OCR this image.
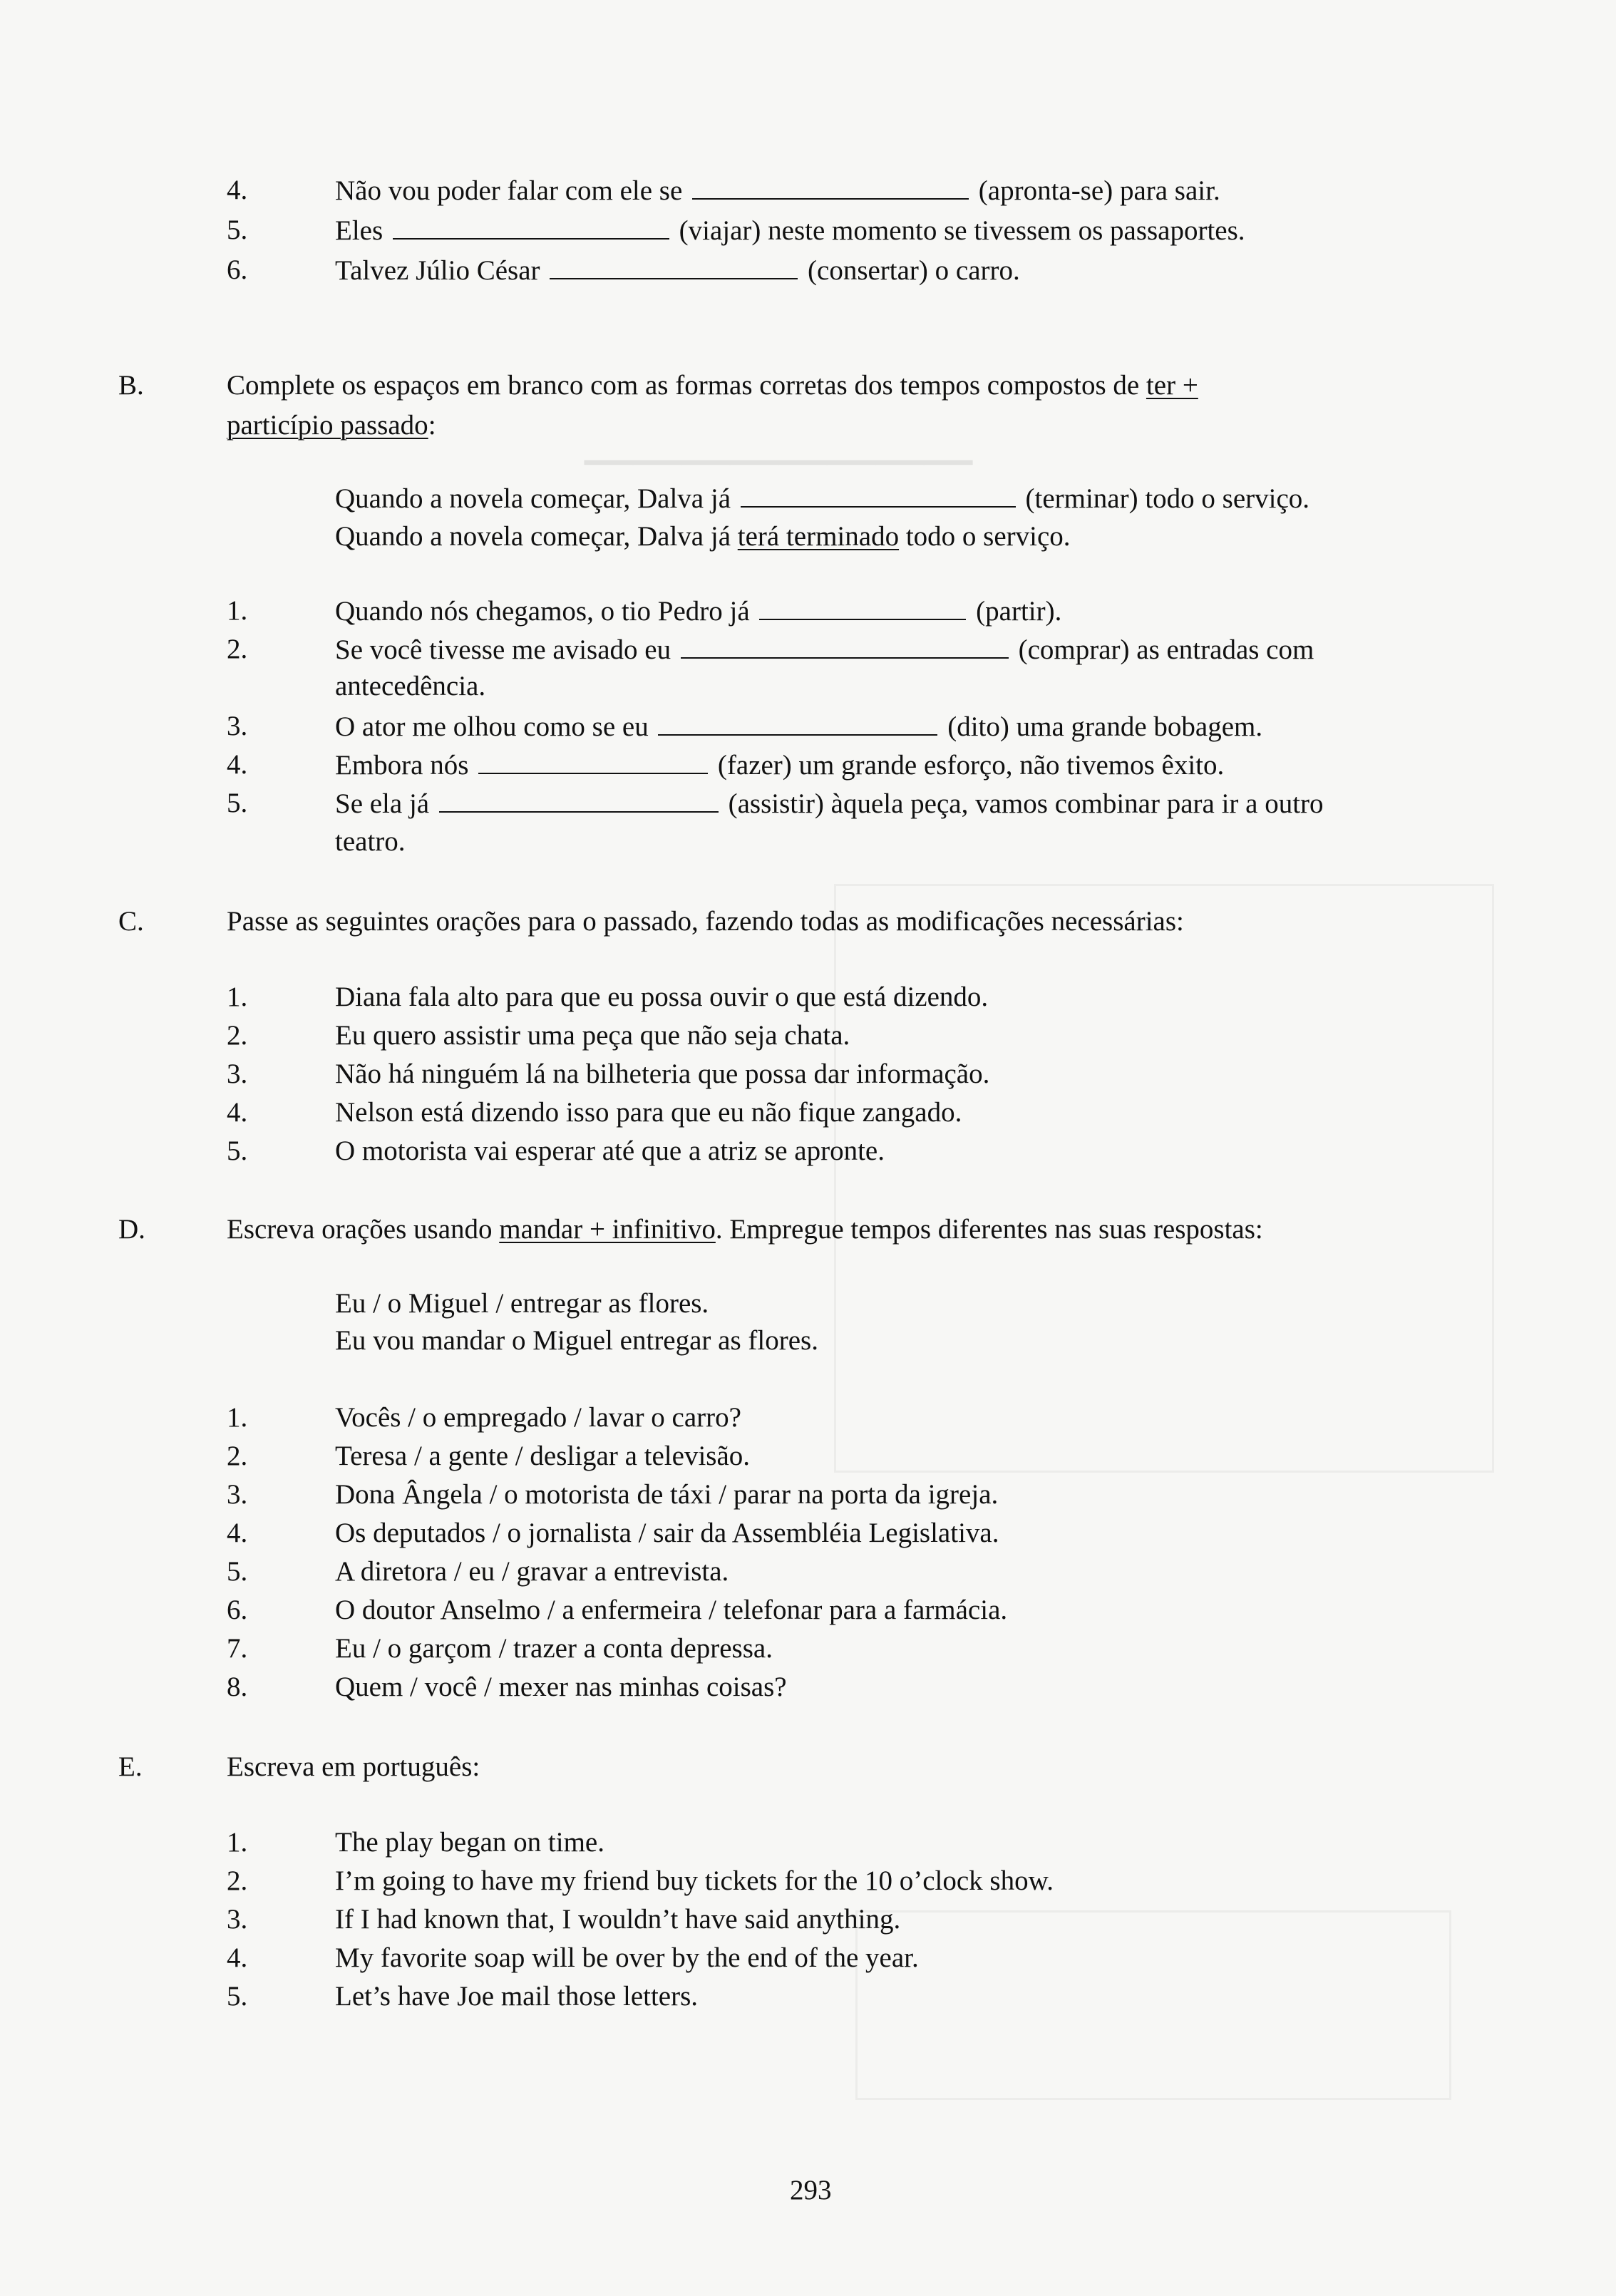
────────
4.	Não vou poder falar com ele se	(apronta-se) para sair.
5.	Eles	(viajar) neste momento se tivessem os passaportes.
6.	Talvez Júlio César	(consertar) o carro.
B.	Complete os espaços em branco com as formas corretas dos tempos compostos de ter +
particípio passado:
Quando a novela começar, Dalva já	(terminar) todo o serviço.
Quando a novela começar, Dalva já terá terminado todo o serviço.
1.	Quando nós chegamos, o tio Pedro já	(partir).
2.	Se você tivesse me avisado eu	(comprar) as entradas com
antecedência.
3.	O ator me olhou como se eu	(dito) uma grande bobagem.
4.	Embora nós	(fazer) um grande esforço, não tivemos êxito.
5.	Se ela já	(assistir) àquela peça, vamos combinar para ir a outro
teatro.
C.	Passe as seguintes orações para o passado, fazendo todas as modificações necessárias:
1.	Diana fala alto para que eu possa ouvir o que está dizendo.
2.	Eu quero assistir uma peça que não seja chata.
3.	Não há ninguém lá na bilheteria que possa dar informação.
4.	Nelson está dizendo isso para que eu não fique zangado.
5.	O motorista vai esperar até que a atriz se apronte.
D.	Escreva orações usando mandar + infinitivo. Empregue tempos diferentes nas suas respostas:
Eu / o Miguel / entregar as flores.
Eu vou mandar o Miguel entregar as flores.
1.	Vocês / o empregado / lavar o carro?
2.	Teresa / a gente / desligar a televisão.
3.	Dona Ângela / o motorista de táxi / parar na porta da igreja.
4.	Os deputados / o jornalista / sair da Assembléia Legislativa.
5.	A diretora / eu / gravar a entrevista.
6.	O doutor Anselmo / a enfermeira / telefonar para a farmácia.
7.	Eu / o garçom / trazer a conta depressa.
8.	Quem / você / mexer nas minhas coisas?
E.	Escreva em português:
1.	The play began on time.
2.	I’m going to have my friend buy tickets for the 10 o’clock show.
3.	If I had known that, I wouldn’t have said anything.
4.	My favorite soap will be over by the end of the year.
5.	Let’s have Joe mail those letters.
293
